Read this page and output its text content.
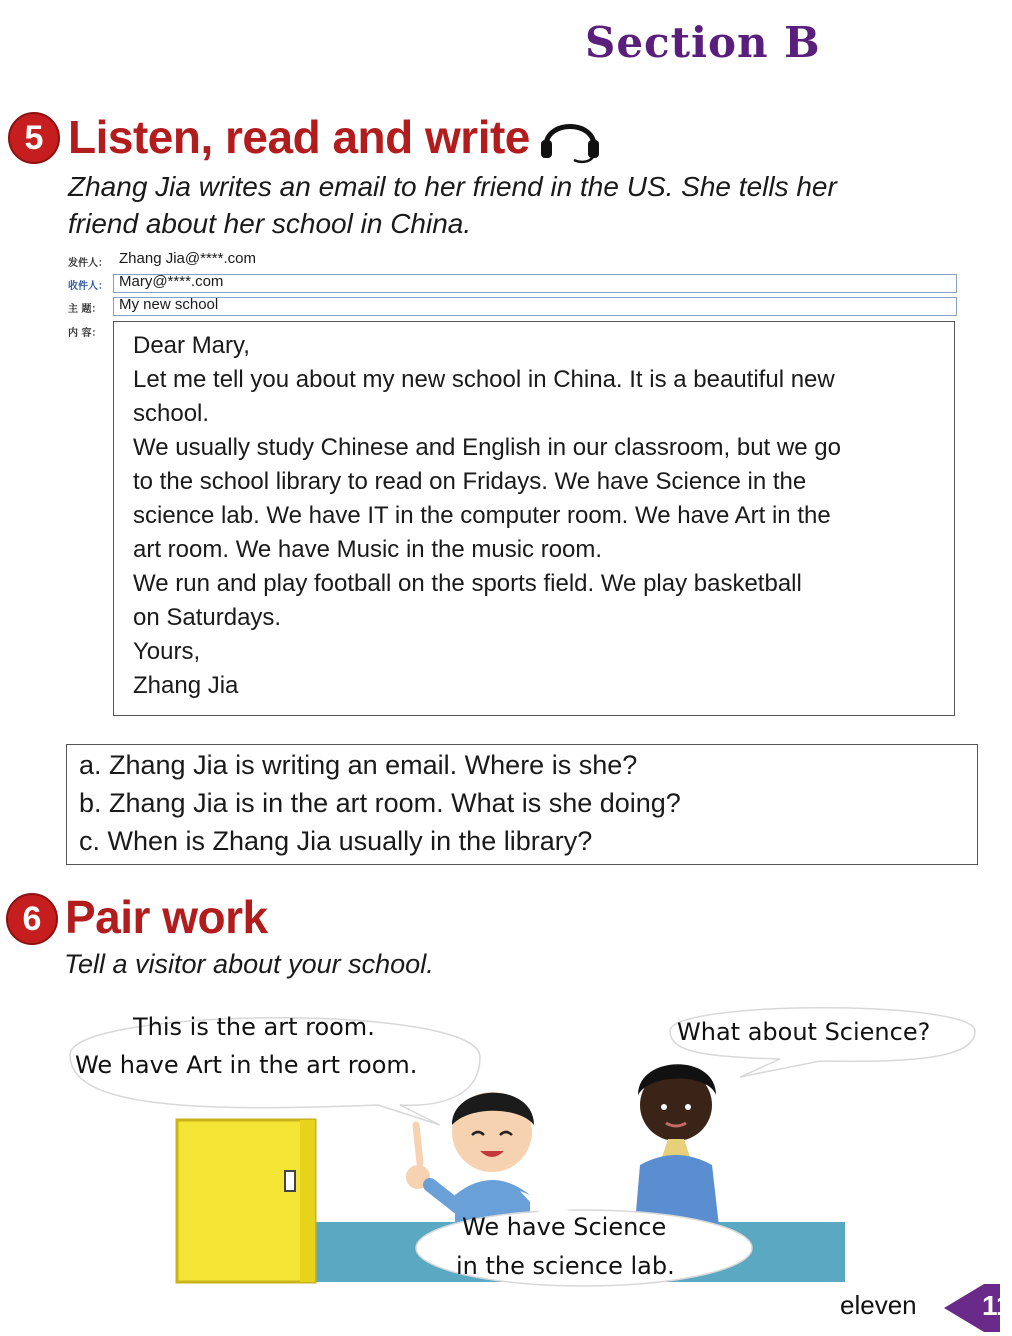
Section B
5 Listen, read and write
Zhang Jia writes an email to her friend in the US. She tells her
friend about her school in China.
发件人： Zhang Jia@****.com
收件人： Mary@****.com
主 题： My new school
内 容： Dear Mary,
Let me tell you about my new school in China. It is a beautiful new
school.
We usually study Chinese and English in our classroom, but we go
to the school library to read on Fridays. We have Science in the
science lab. We have IT in the computer room. We have Art in the
art room. We have Music in the music room.
We run and play football on the sports field. We play basketball
on Saturdays.
Yours,
Zhang Jia
a. Zhang Jia is writing an email. Where is she?
b. Zhang Jia is in the art room. What is she doing?
c. When is Zhang Jia usually in the library?
6 Pair work
Tell a visitor about your school.
This is the art room.
We have Art in the art room.
What about Science?
We have Science
in the science lab.
eleven 11
